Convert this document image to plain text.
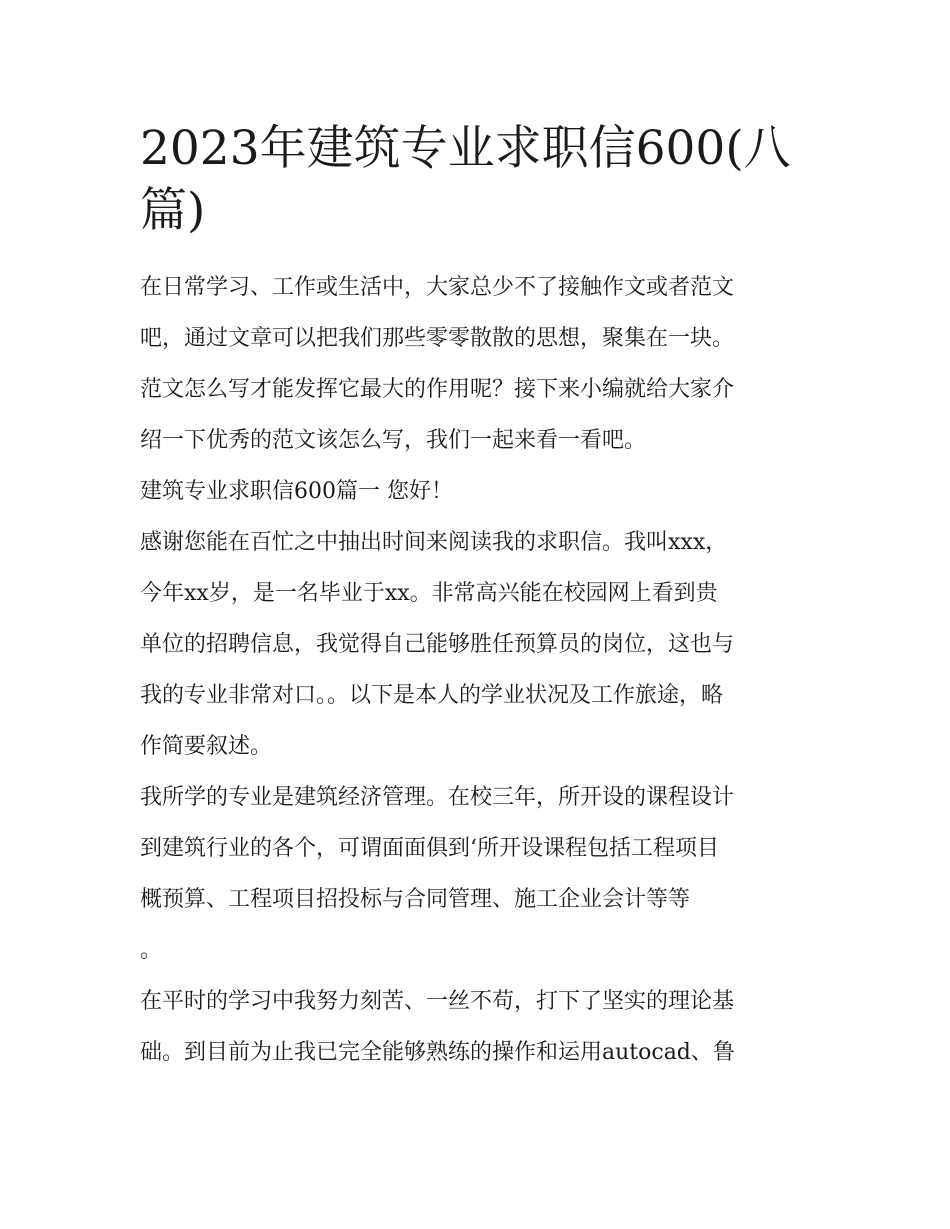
2023年建筑专业求职信600(八
篇)

在日常学习、工作或生活中，大家总少不了接触作文或者范文
吧，通过文章可以把我们那些零零散散的思想，聚集在一块。
范文怎么写才能发挥它最大的作用呢？接下来小编就给大家介
绍一下优秀的范文该怎么写，我们一起来看一看吧。

建筑专业求职信600篇一 您好！

感谢您能在百忙之中抽出时间来阅读我的求职信。我叫xxx，
今年xx岁，是一名毕业于xx。非常高兴能在校园网上看到贵
单位的招聘信息，我觉得自己能够胜任预算员的岗位，这也与
我的专业非常对口。。以下是本人的学业状况及工作旅途，略
作简要叙述。

我所学的专业是建筑经济管理。在校三年，所开设的课程设计
到建筑行业的各个，可谓面面俱到‘所开设课程包括工程项目
概预算、工程项目招投标与合同管理、施工企业会计等等
。

在平时的学习中我努力刻苦、一丝不苟，打下了坚实的理论基
础。到目前为止我已完全能够熟练的操作和运用autocad、鲁
